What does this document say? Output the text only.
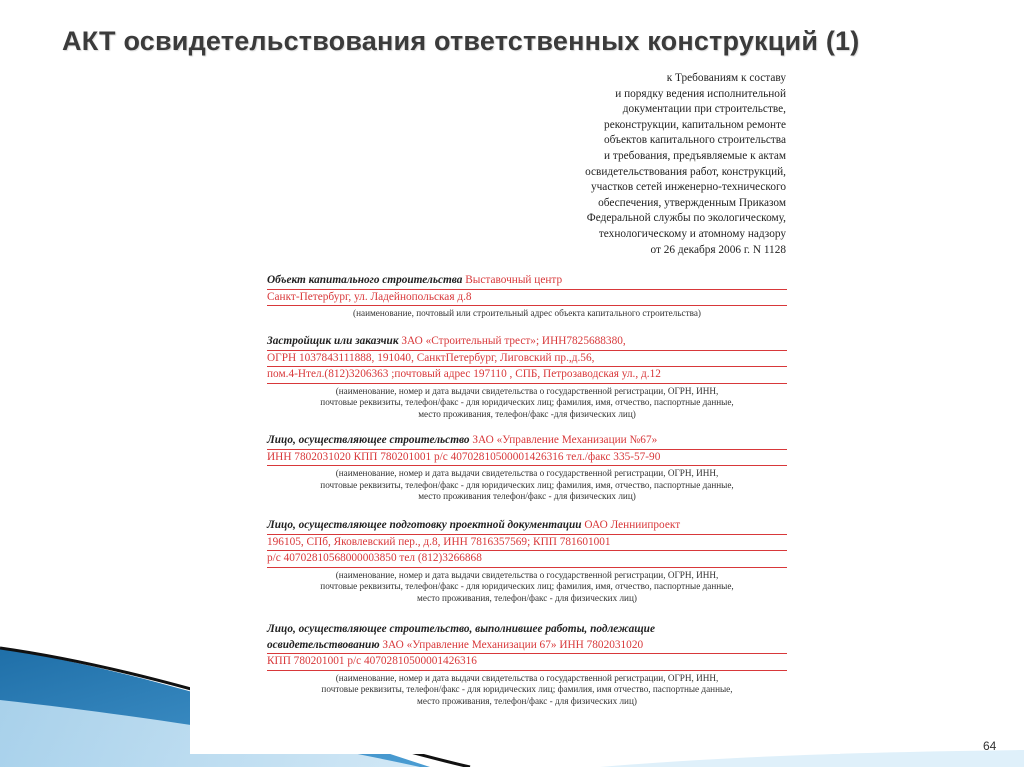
АКТ освидетельствования ответственных конструкций (1)
к Требованиям к составу
и порядку ведения исполнительной
документации при строительстве,
реконструкции, капитальном ремонте
объектов капитального строительства
и требования, предъявляемые к актам
освидетельствования работ, конструкций,
участков сетей инженерно-технического
обеспечения, утвержденным Приказом
Федеральной службы по экологическому,
технологическому и атомному надзору
от 26 декабря 2006 г. N 1128
Объект капитального строительства Выставочный центр
Санкт-Петербург, ул. Ладейнопольская д.8
(наименование, почтовый или строительный адрес объекта капитального строительства)
Застройщик или заказчик ЗАО «Строительный трест»; ИНН7825688380,
ОГРН 1037843111888, 191040, СанктПетербург, Лиговский пр.,д.56,
пом.4-Нтел.(812)3206363 ;почтовый адрес 197110 , СПБ, Петрозаводская ул., д.12
(наименование, номер и дата выдачи свидетельства о государственной регистрации, ОГРН, ИНН,
почтовые реквизиты, телефон/факс - для юридических лиц; фамилия, имя, отчество, паспортные данные,
место проживания, телефон/факс -для физических лиц)
Лицо, осуществляющее строительство ЗАО «Управление Механизации №67»
ИНН 7802031020 КПП 780201001 р/с 40702810500001426316 тел./факс 335-57-90
(наименование, номер и дата выдачи свидетельства о государственной регистрации, ОГРН, ИНН,
почтовые реквизиты, телефон/факс - для юридических лиц; фамилия, имя, отчество, паспортные данные,
место проживания телефон/факс - для физических лиц)
Лицо, осуществляющее подготовку проектной документации ОАО Ленниипроект
196105, СПб, Яковлевский пер., д.8, ИНН 7816357569; КПП 781601001
р/с 40702810568000003850 тел (812)3266868
(наименование, номер и дата выдачи свидетельства о государственной регистрации, ОГРН, ИНН,
почтовые реквизиты, телефон/факс - для юридических лиц; фамилия, имя, отчество, паспортные данные,
место проживания, телефон/факс - для физических лиц)
Лицо, осуществляющее строительство, выполнившее работы, подлежащие
освидетельствованию ЗАО «Управление Механизации 67» ИНН 7802031020
КПП 780201001 р/с 40702810500001426316
(наименование, номер и дата выдачи свидетельства о государственной регистрации, ОГРН, ИНН,
почтовые реквизиты, телефон/факс - для юридических лиц; фамилия, имя отчество, паспортные данные,
место проживания, телефон/факс - для физических лиц)
64
